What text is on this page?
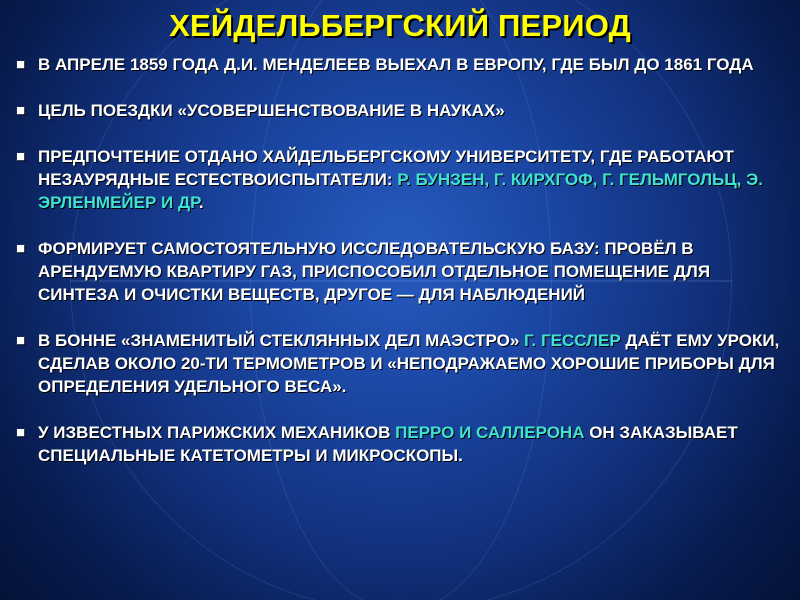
ХЕЙДЕЛЬБЕРГСКИЙ ПЕРИОД
■ В АПРЕЛЕ 1859 ГОДА Д.И. МЕНДЕЛЕЕВ ВЫЕХАЛ В ЕВРОПУ, ГДЕ БЫЛ ДО 1861 ГОДА
■ ЦЕЛЬ ПОЕЗДКИ «УСОВЕРШЕНСТВОВАНИЕ В НАУКАХ»
■ ПРЕДПОЧТЕНИЕ ОТДАНО ХАЙДЕЛЬБЕРГСКОМУ УНИВЕРСИТЕТУ, ГДЕ РАБОТАЮТ НЕЗАУРЯДНЫЕ ЕСТЕСТВОИСПЫТАТЕЛИ: Р. БУНЗЕН, Г. КИРХГОФ, Г. ГЕЛЬМГОЛЬЦ, Э. ЭРЛЕНМЕЙЕР И ДР.
■ ФОРМИРУЕТ САМОСТОЯТЕЛЬНУЮ ИССЛЕДОВАТЕЛЬСКУЮ БАЗУ: ПРОВЁЛ В АРЕНДУЕМУЮ КВАРТИРУ ГАЗ, ПРИСПОСОБИЛ ОТДЕЛЬНОЕ ПОМЕЩЕНИЕ ДЛЯ СИНТЕЗА И ОЧИСТКИ ВЕЩЕСТВ, ДРУГОЕ — ДЛЯ НАБЛЮДЕНИЙ
■ В БОННЕ «ЗНАМЕНИТЫЙ СТЕКЛЯННЫХ ДЕЛ МАЭСТРО» Г. ГЕССЛЕР ДАЁТ ЕМУ УРОКИ, СДЕЛАВ ОКОЛО 20-ТИ ТЕРМОМЕТРОВ И «НЕПОДРАЖАЕМО ХОРОШИЕ ПРИБОРЫ ДЛЯ ОПРЕДЕЛЕНИЯ УДЕЛЬНОГО ВЕСА».
■ У ИЗВЕСТНЫХ ПАРИЖСКИХ МЕХАНИКОВ ПЕРРО И САЛЛЕРОНА ОН ЗАКАЗЫВАЕТ СПЕЦИАЛЬНЫЕ КАТЕТОМЕТРЫ И МИКРОСКОПЫ.
